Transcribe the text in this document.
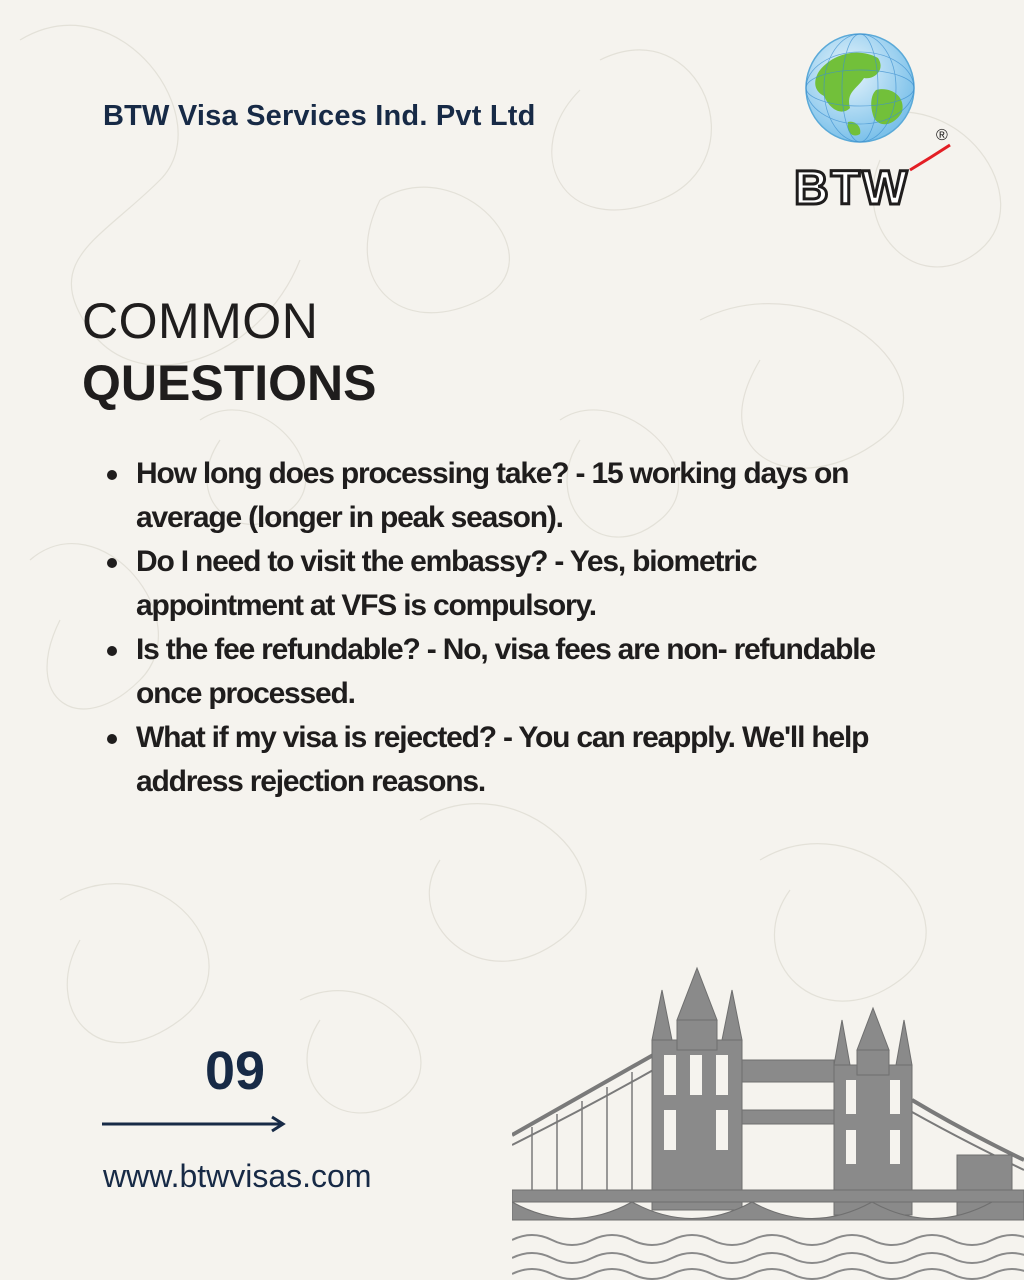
BTW Visa Services Ind. Pvt Ltd
®
BTW
COMMON
QUESTIONS
How long does processing take? - 15 working days on
average (longer in peak season).
Do I need to visit the embassy? - Yes, biometric
appointment at VFS is compulsory.
Is the fee refundable? - No, visa fees are non- refundable
once processed.
What if my visa is rejected? - You can reapply. We'll help
address rejection reasons.
09
www.btwvisas.com
